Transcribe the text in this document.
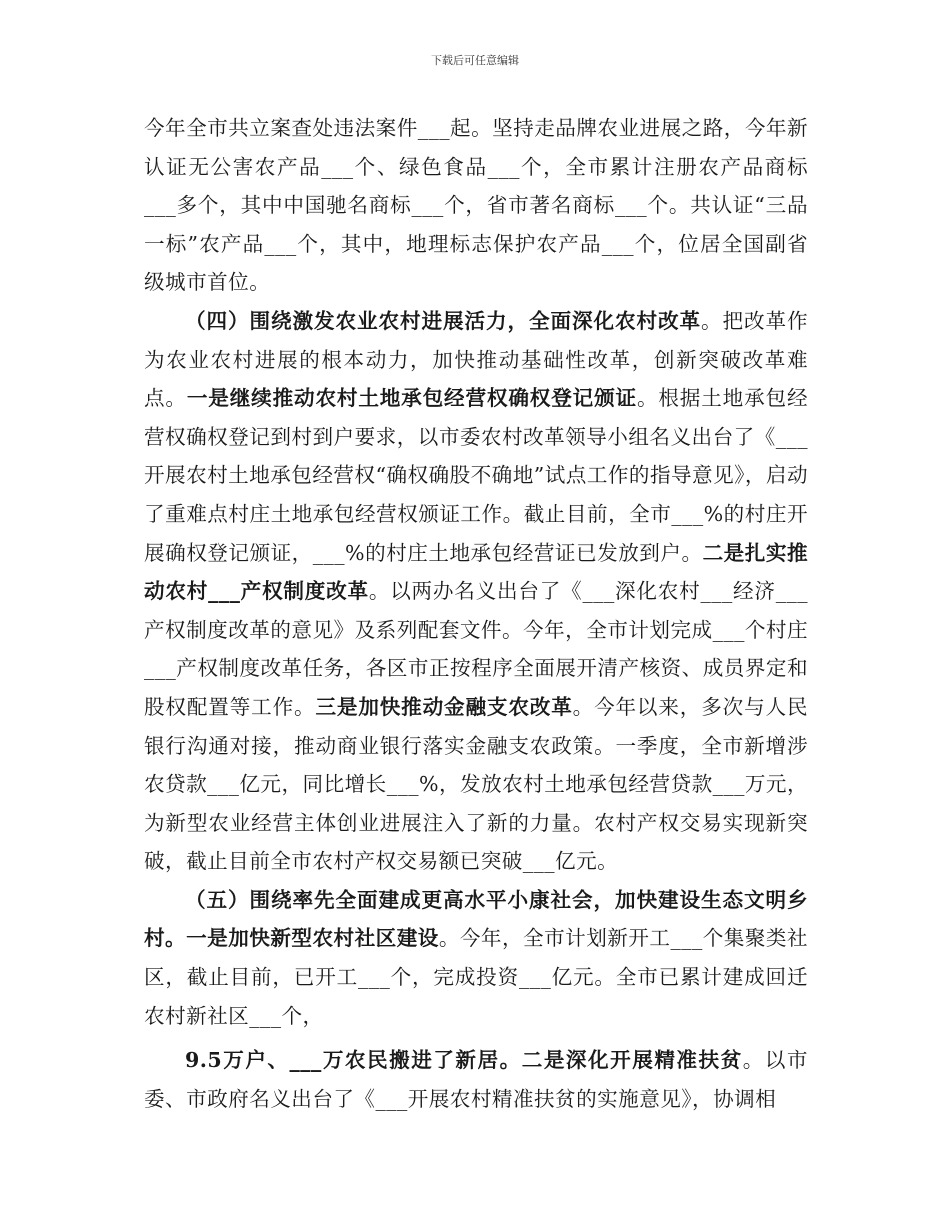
下载后可任意编辑

今年全市共立案查处违法案件___起。坚持走品牌农业进展之路，今年新认证无公害农产品___个、绿色食品___个，全市累计注册农产品商标___多个，其中中国驰名商标___个，省市著名商标___个。共认证“三品一标”农产品___个，其中，地理标志保护农产品___个，位居全国副省级城市首位。

（四）围绕激发农业农村进展活力，全面深化农村改革。把改革作为农业农村进展的根本动力，加快推动基础性改革，创新突破改革难点。一是继续推动农村土地承包经营权确权登记颁证。根据土地承包经营权确权登记到村到户要求，以市委农村改革领导小组名义出台了《___开展农村土地承包经营权“确权确股不确地”试点工作的指导意见》，启动了重难点村庄土地承包经营权颁证工作。截止目前，全市___%的村庄开展确权登记颁证，___%的村庄土地承包经营证已发放到户。二是扎实推动农村___产权制度改革。以两办名义出台了《___深化农村___经济___产权制度改革的意见》及系列配套文件。今年，全市计划完成___个村庄___产权制度改革任务，各区市正按程序全面展开清产核资、成员界定和股权配置等工作。三是加快推动金融支农改革。今年以来，多次与人民银行沟通对接，推动商业银行落实金融支农政策。一季度，全市新增涉农贷款___亿元，同比增长___%，发放农村土地承包经营贷款___万元，为新型农业经营主体创业进展注入了新的力量。农村产权交易实现新突破，截止目前全市农村产权交易额已突破___亿元。

（五）围绕率先全面建成更高水平小康社会，加快建设生态文明乡村。一是加快新型农村社区建设。今年，全市计划新开工___个集聚类社区，截止目前，已开工___个，完成投资___亿元。全市已累计建成回迁农村新社区___个，

9.5万户、___万农民搬进了新居。二是深化开展精准扶贫。以市委、市政府名义出台了《___开展农村精准扶贫的实施意见》，协调相
